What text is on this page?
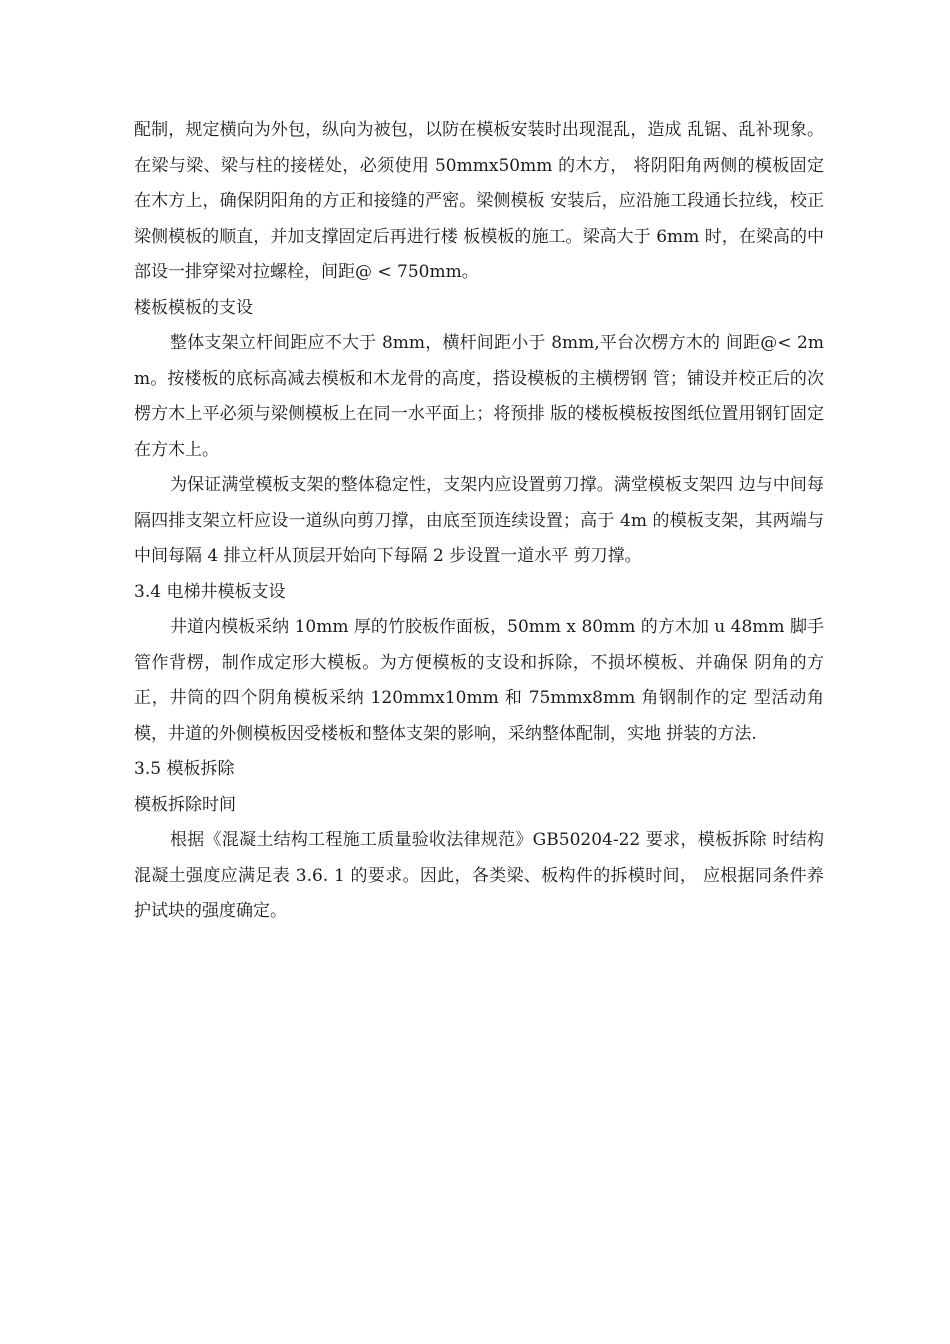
配制，规定横向为外包，纵向为被包，以防在模板安装时出现混乱，造成 乱锯、乱补现象。在梁与梁、梁与柱的接槎处，必须使用 50mmx50mm 的木方， 将阴阳角两侧的模板固定在木方上，确保阴阳角的方正和接缝的严密。梁侧模板 安装后，应沿施工段通长拉线，校正梁侧模板的顺直，并加支撑固定后再进行楼 板模板的施工。梁高大于 6mm 时，在梁高的中部设一排穿梁对拉螺栓，间距@ < 750mm。

楼板模板的支设

整体支架立杆间距应不大于 8mm，横杆间距小于 8mm,平台次楞方木的 间距@< 2mm。按楼板的底标高减去模板和木龙骨的高度，搭设模板的主横楞钢 管；铺设并校正后的次楞方木上平必须与梁侧模板上在同一水平面上；将预排 版的楼板模板按图纸位置用钢钉固定在方木上。

为保证满堂模板支架的整体稳定性，支架内应设置剪刀撑。满堂模板支架四 边与中间每隔四排支架立杆应设一道纵向剪刀撑，由底至顶连续设置；高于 4m 的模板支架，其两端与中间每隔 4 排立杆从顶层开始向下每隔 2 步设置一道水平 剪刀撑。

3.4 电梯井模板支设

井道内模板采纳 10mm 厚的竹胶板作面板，50mm x 80mm 的方木加 u 48mm 脚手 管作背楞，制作成定形大模板。为方便模板的支设和拆除，不损坏模板、并确保 阴角的方正，井筒的四个阴角模板采纳 120mmx10mm 和 75mmx8mm 角钢制作的定 型活动角模，井道的外侧模板因受楼板和整体支架的影响，采纳整体配制，实地 拼装的方法.

3.5 模板拆除

模板拆除时间

根据《混凝土结构工程施工质量验收法律规范》GB50204-22 要求，模板拆除 时结构混凝土强度应满足表 3.6. 1 的要求。因此，各类梁、板构件的拆模时间， 应根据同条件养护试块的强度确定。
